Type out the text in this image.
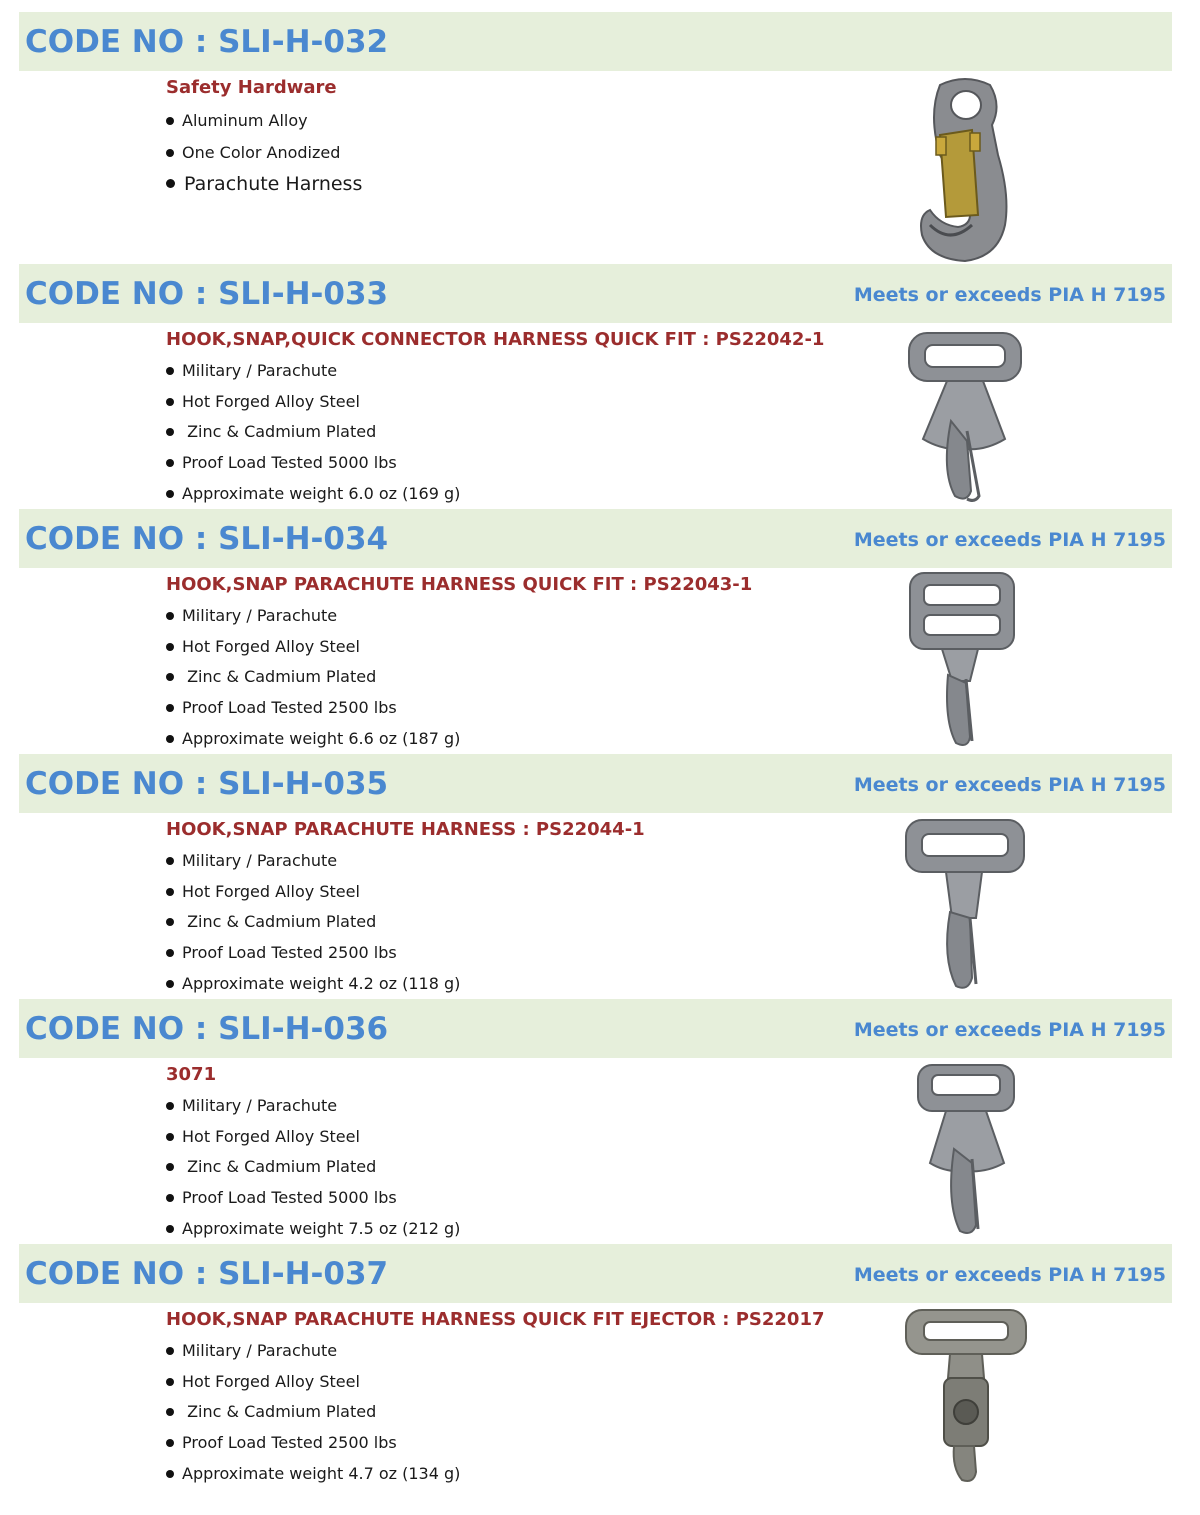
CODE NO : SLI-H-032
Safety Hardware
Aluminum Alloy
One Color Anodized
Parachute Harness
CODE NO : SLI-H-033	Meets or exceeds PIA H 7195
HOOK,SNAP,QUICK CONNECTOR HARNESS QUICK FIT : PS22042-1
Military / Parachute
Hot Forged Alloy Steel
Zinc & Cadmium Plated
Proof Load Tested 5000 lbs
Approximate weight 6.0 oz (169 g)
CODE NO : SLI-H-034	Meets or exceeds PIA H 7195
HOOK,SNAP PARACHUTE HARNESS QUICK FIT : PS22043-1
Military / Parachute
Hot Forged Alloy Steel
Zinc & Cadmium Plated
Proof Load Tested 2500 lbs
Approximate weight 6.6 oz (187 g)
CODE NO : SLI-H-035	Meets or exceeds PIA H 7195
HOOK,SNAP PARACHUTE HARNESS : PS22044-1
Military / Parachute
Hot Forged Alloy Steel
Zinc & Cadmium Plated
Proof Load Tested 2500 lbs
Approximate weight 4.2 oz (118 g)
CODE NO : SLI-H-036	Meets or exceeds PIA H 7195
3071
Military / Parachute
Hot Forged Alloy Steel
Zinc & Cadmium Plated
Proof Load Tested 5000 lbs
Approximate weight 7.5 oz (212 g)
CODE NO : SLI-H-037	Meets or exceeds PIA H 7195
HOOK,SNAP PARACHUTE HARNESS QUICK FIT EJECTOR : PS22017
Military / Parachute
Hot Forged Alloy Steel
Zinc & Cadmium Plated
Proof Load Tested 2500 lbs
Approximate weight 4.7 oz (134 g)
